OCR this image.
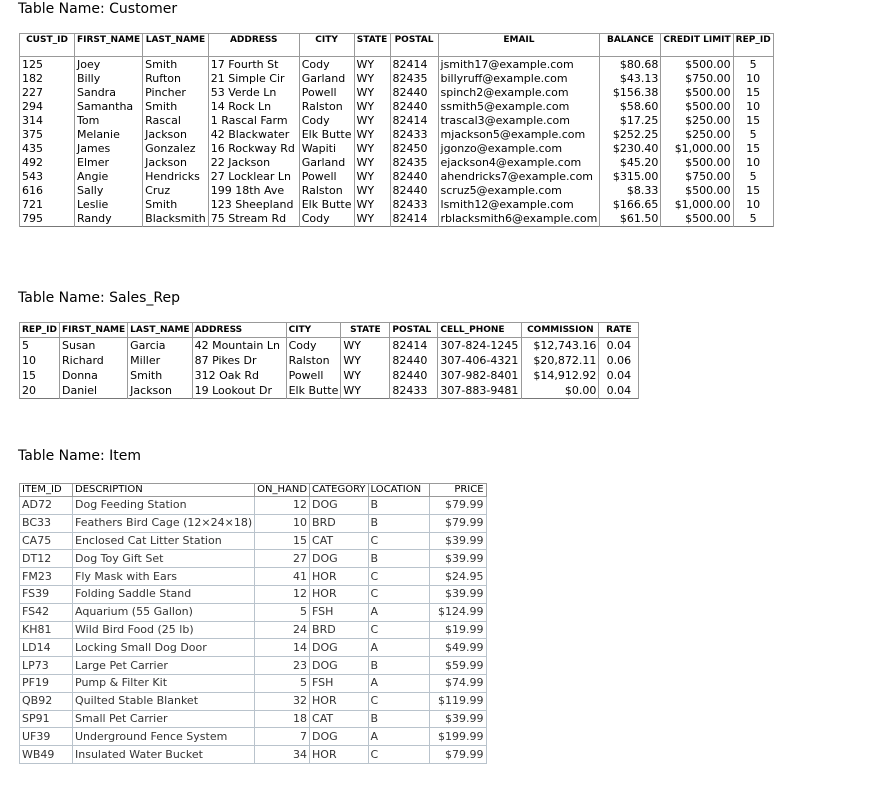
Table Name: Customer
CUST_ID	FIRST_NAME	LAST_NAME	ADDRESS	CITY	STATE	POSTAL	EMAIL	BALANCE	CREDIT LIMIT	REP_ID
125	Joey	Smith	17 Fourth St	Cody	WY	82414	jsmith17@example.com	$80.68	$500.00	5
182	Billy	Rufton	21 Simple Cir	Garland	WY	82435	billyruff@example.com	$43.13	$750.00	10
227	Sandra	Pincher	53 Verde Ln	Powell	WY	82440	spinch2@example.com	$156.38	$500.00	15
294	Samantha	Smith	14 Rock Ln	Ralston	WY	82440	ssmith5@example.com	$58.60	$500.00	10
314	Tom	Rascal	1 Rascal Farm	Cody	WY	82414	trascal3@example.com	$17.25	$250.00	15
375	Melanie	Jackson	42 Blackwater	Elk Butte	WY	82433	mjackson5@example.com	$252.25	$250.00	5
435	James	Gonzalez	16 Rockway Rd	Wapiti	WY	82450	jgonzo@example.com	$230.40	$1,000.00	15
492	Elmer	Jackson	22 Jackson	Garland	WY	82435	ejackson4@example.com	$45.20	$500.00	10
543	Angie	Hendricks	27 Locklear Ln	Powell	WY	82440	ahendricks7@example.com	$315.00	$750.00	5
616	Sally	Cruz	199 18th Ave	Ralston	WY	82440	scruz5@example.com	$8.33	$500.00	15
721	Leslie	Smith	123 Sheepland	Elk Butte	WY	82433	lsmith12@example.com	$166.65	$1,000.00	10
795	Randy	Blacksmith	75 Stream Rd	Cody	WY	82414	rblacksmith6@example.com	$61.50	$500.00	5
Table Name: Sales_Rep
REP_ID	FIRST_NAME	LAST_NAME	ADDRESS	CITY	STATE	POSTAL	CELL_PHONE	COMMISSION	RATE
5	Susan	Garcia	42 Mountain Ln	Cody	WY	82414	307-824-1245	$12,743.16	0.04
10	Richard	Miller	87 Pikes Dr	Ralston	WY	82440	307-406-4321	$20,872.11	0.06
15	Donna	Smith	312 Oak Rd	Powell	WY	82440	307-982-8401	$14,912.92	0.04
20	Daniel	Jackson	19 Lookout Dr	Elk Butte	WY	82433	307-883-9481	$0.00	0.04
Table Name: Item
ITEM_ID	DESCRIPTION	ON_HAND	CATEGORY	LOCATION	PRICE
AD72	Dog Feeding Station	12	DOG	B	$79.99
BC33	Feathers Bird Cage (12×24×18)	10	BRD	B	$79.99
CA75	Enclosed Cat Litter Station	15	CAT	C	$39.99
DT12	Dog Toy Gift Set	27	DOG	B	$39.99
FM23	Fly Mask with Ears	41	HOR	C	$24.95
FS39	Folding Saddle Stand	12	HOR	C	$39.99
FS42	Aquarium (55 Gallon)	5	FSH	A	$124.99
KH81	Wild Bird Food (25 lb)	24	BRD	C	$19.99
LD14	Locking Small Dog Door	14	DOG	A	$49.99
LP73	Large Pet Carrier	23	DOG	B	$59.99
PF19	Pump & Filter Kit	5	FSH	A	$74.99
QB92	Quilted Stable Blanket	32	HOR	C	$119.99
SP91	Small Pet Carrier	18	CAT	B	$39.99
UF39	Underground Fence System	7	DOG	A	$199.99
WB49	Insulated Water Bucket	34	HOR	C	$79.99
